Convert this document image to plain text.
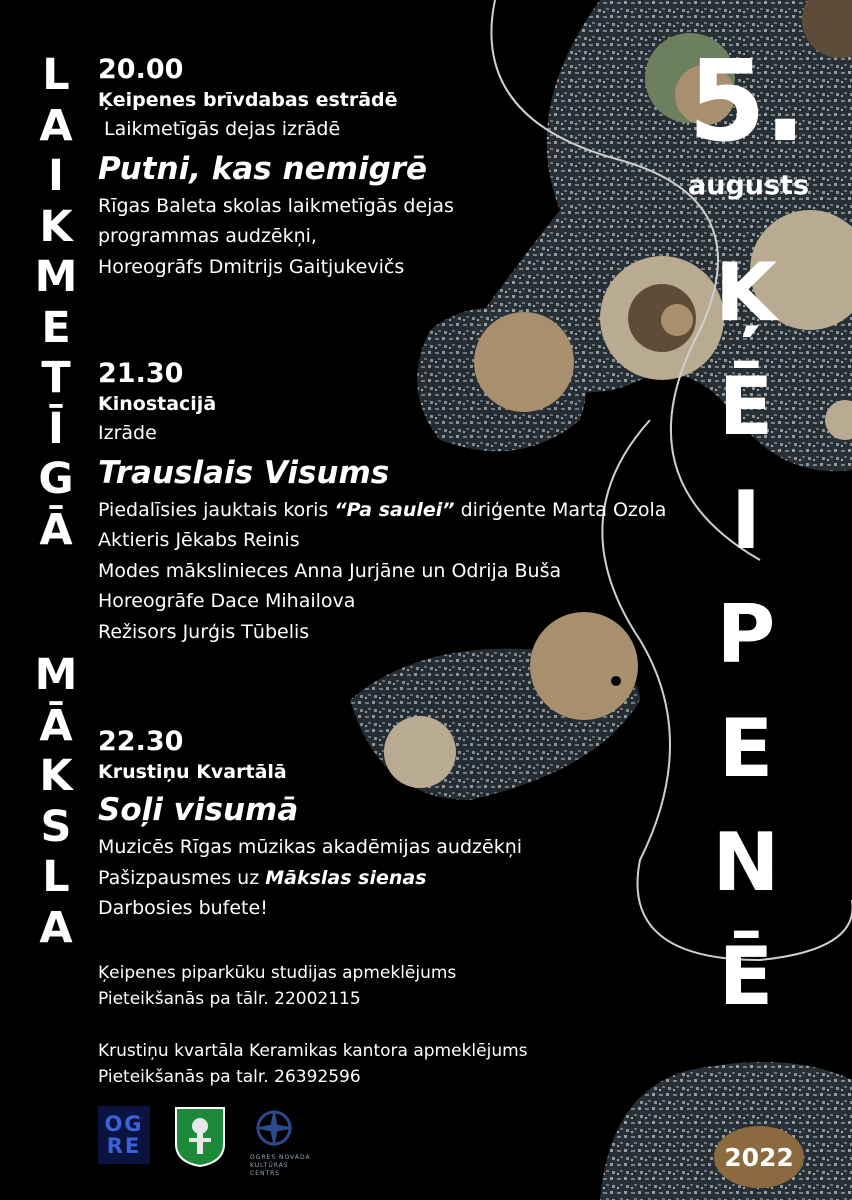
L
A
I
K
M
E
T
Ī
G
Ā
M
Ā
K
S
L
A
5.
augusts
Ķ
Ē
I
P
E
N
Ē
2022
20.00
Ķeipenes brīvdabas estrādē
Laikmetīgās dejas izrādē
Putni, kas nemigrē
Rīgas Baleta skolas laikmetīgās dejas
programmas audzēkņi,
Horeogrāfs Dmitrijs Gaitjukevičs
21.30
Kinostacijā
Izrāde
Trauslais Visums
Piedalīsies jauktais koris “Pa saulei” diriģente Marta Ozola
Aktieris Jēkabs Reinis
Modes mākslinieces Anna Jurjāne un Odrija Buša
Horeogrāfe Dace Mihailova
Režisors Jurģis Tūbelis
22.30
Krustiņu Kvartālā
Soļi visumā
Muzicēs Rīgas mūzikas akadēmijas audzēkņi
Pašizpausmes uz Mākslas sienas
Darbosies bufete!
Ķeipenes piparkūku studijas apmeklējums
Pieteikšanās pa tālr. 22002115
Krustiņu kvartāla Keramikas kantora apmeklējums
Pieteikšanās pa talr. 26392596
OG
RE	OGRES NOVADA
KULTŪRAS CENTRS
